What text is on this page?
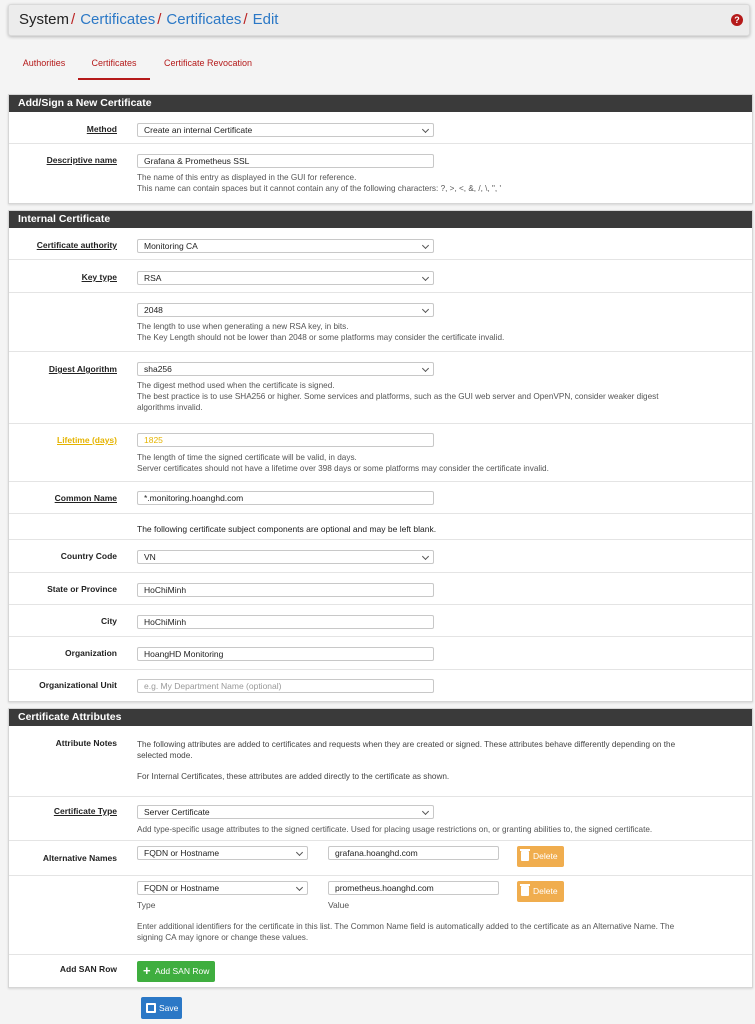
System / Certificates / Certificates / Edit	?
Authorities	Certificates	Certificate Revocation
Add/Sign a New Certificate
Method	Create an internal Certificate
Descriptive name	Grafana & Prometheus SSL
The name of this entry as displayed in the GUI for reference.
This name can contain spaces but it cannot contain any of the following characters: ?, >, <, &, /, \, ", '
Internal Certificate
Certificate authority	Monitoring CA
Key type	RSA
2048
The length to use when generating a new RSA key, in bits.
The Key Length should not be lower than 2048 or some platforms may consider the certificate invalid.
Digest Algorithm	sha256
The digest method used when the certificate is signed.
The best practice is to use SHA256 or higher. Some services and platforms, such as the GUI web server and OpenVPN, consider weaker digest
algorithms invalid.
Lifetime (days)	1825
The length of time the signed certificate will be valid, in days.
Server certificates should not have a lifetime over 398 days or some platforms may consider the certificate invalid.
Common Name	*.monitoring.hoanghd.com
The following certificate subject components are optional and may be left blank.
Country Code	VN
State or Province	HoChiMinh
City	HoChiMinh
Organization	HoangHD Monitoring
Organizational Unit	e.g. My Department Name (optional)
Certificate Attributes
Attribute Notes The following attributes are added to certificates and requests when they are created or signed. These attributes behave differently depending on the
selected mode.
For Internal Certificates, these attributes are added directly to the certificate as shown.
Certificate Type	Server Certificate
Add type-specific usage attributes to the signed certificate. Used for placing usage restrictions on, or granting abilities to, the signed certificate.
Alternative Names	FQDN or Hostname	grafana.hoanghd.com	Delete
FQDN or Hostname	prometheus.hoanghd.com	Delete
Type	Value
Enter additional identifiers for the certificate in this list. The Common Name field is automatically added to the certificate as an Alternative Name. The
signing CA may ignore or change these values.
Add SAN Row + Add SAN Row
Save
